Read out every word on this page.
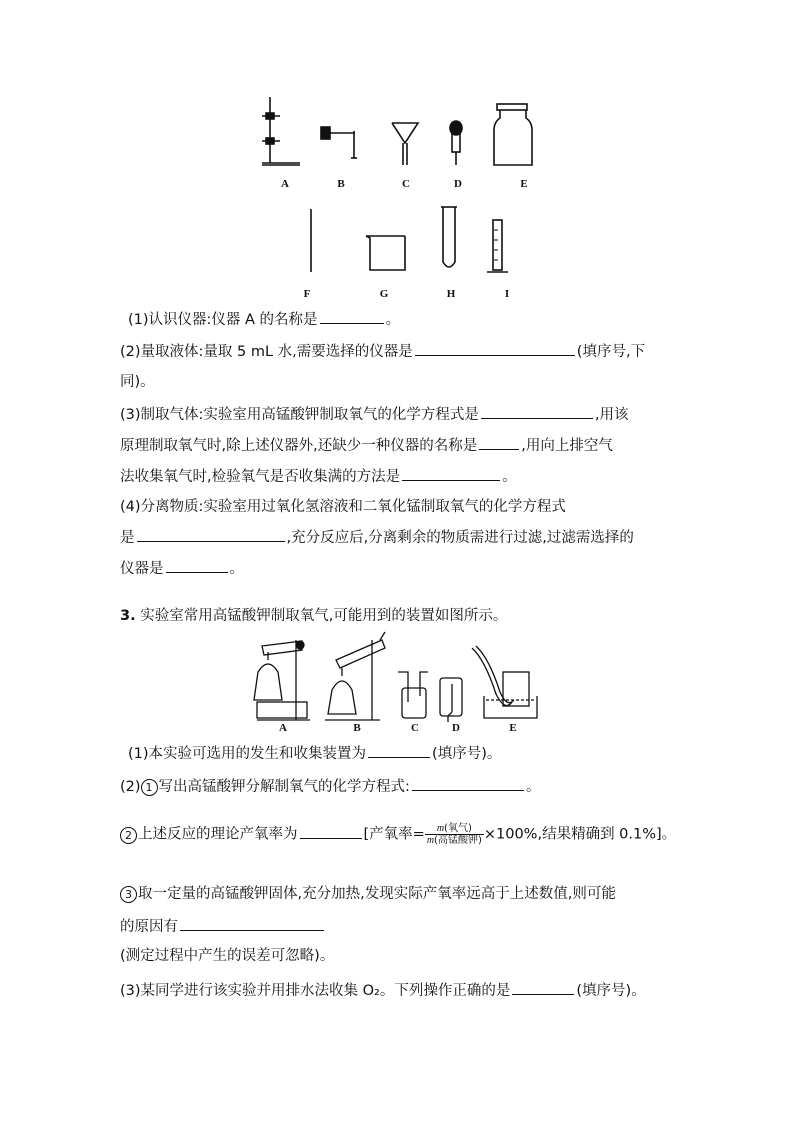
A	B	C	D	E
F	G	H	I
(1)认识仪器:仪器 A 的名称是	。
(2)量取液体:量取 5 mL 水,需要选择的仪器是	(填序号,下
同)。
(3)制取气体:实验室用高锰酸钾制取氧气的化学方程式是	,用该
原理制取氧气时,除上述仪器外,还缺少一种仪器的名称是	,用向上排空气
法收集氧气时,检验氧气是否收集满的方法是	。
(4)分离物质:实验室用过氧化氢溶液和二氧化锰制取氧气的化学方程式
是	,充分反应后,分离剩余的物质需进行过滤,过滤需选择的
仪器是	。
3. 实验室常用高锰酸钾制取氧气,可能用到的装置如图所示。
A	B	C	D	E
(1)本实验可选用的发生和收集装置为	(填序号)。
(2) 1 写出高锰酸钾分解制氧气的化学方程式:	。
2 上述反应的理论产氧率为	[产氧率= $\frac{\text{m(氧气)}}{\text{m(高锰酸钾)}} \times 100\%$,结果精确到 0.1%]。
3 取一定量的高锰酸钾固体,充分加热,发现实际产氧率远高于上述数值,则可能
的原因有
(测定过程中产生的误差可忽略)。
(3)某同学进行该实验并用排水法收集 O₂。下列操作正确的是	(填序号)。
